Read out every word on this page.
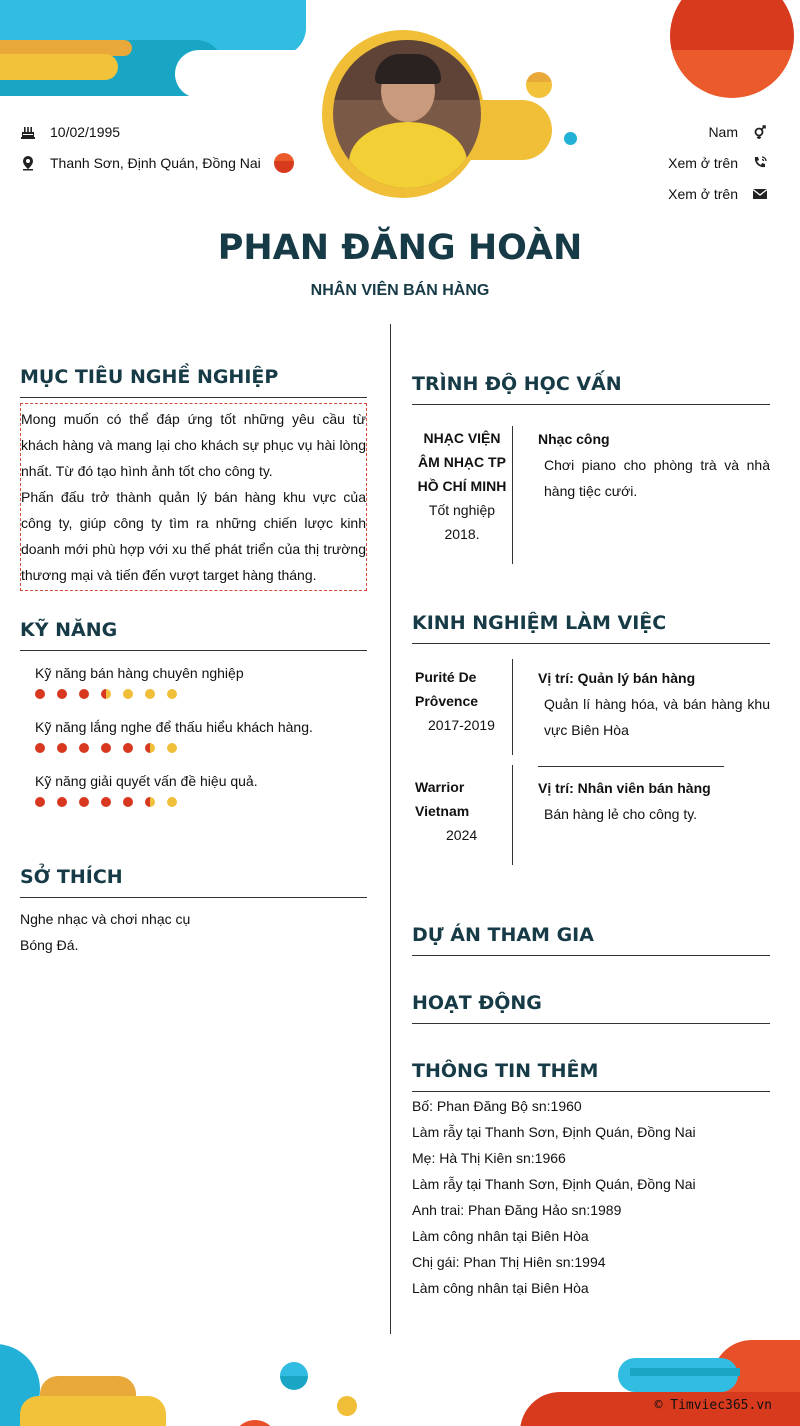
10/02/1995
Thanh Sơn, Định Quán, Đồng Nai
Nam
Xem ở trên
Xem ở trên
PHAN ĐĂNG HOÀN
NHÂN VIÊN BÁN HÀNG
MỤC TIÊU NGHỀ NGHIỆP
Mong muốn có thể đáp ứng tốt những yêu cầu từ khách hàng và mang lại cho khách sự phục vụ hài lòng nhất. Từ đó tạo hình ảnh tốt cho công ty.
Phấn đấu trở thành quản lý bán hàng khu vực của công ty, giúp công ty tìm ra những chiến lược kinh doanh mới phù hợp với xu thế phát triển của thị trường thương mại và tiến đến vượt target hàng tháng.
KỸ NĂNG
Kỹ năng bán hàng chuyên nghiệp
Kỹ năng lắng nghe để thấu hiểu khách hàng.
Kỹ năng giải quyết vấn đề hiệu quả.
SỞ THÍCH
Nghe nhạc và chơi nhạc cụ
Bóng Đá.
TRÌNH ĐỘ HỌC VẤN
NHẠC VIỆN ÂM NHẠC TP HỒ CHÍ MINH
Tốt nghiệp 2018.
Nhạc công
Chơi piano cho phòng trà và nhà hàng tiệc cưới.
KINH NGHIỆM LÀM VIỆC
Purité De Prôvence
2017-2019
Vị trí: Quản lý bán hàng
Quản lí hàng hóa, và bán hàng khu vực Biên Hòa
Warrior Vietnam
2024
Vị trí: Nhân viên bán hàng
Bán hàng lẻ cho công ty.
DỰ ÁN THAM GIA
HOẠT ĐỘNG
THÔNG TIN THÊM
Bố: Phan Đăng Bộ sn:1960
Làm rẫy tại Thanh Sơn, Định Quán, Đồng Nai
Mẹ: Hà Thị Kiên sn:1966
Làm rẫy tại Thanh Sơn, Định Quán, Đồng Nai
Anh trai: Phan Đăng Hảo sn:1989
Làm công nhân tại Biên Hòa
Chị gái: Phan Thị Hiên sn:1994
Làm công nhân tại Biên Hòa
© Timviec365.vn
